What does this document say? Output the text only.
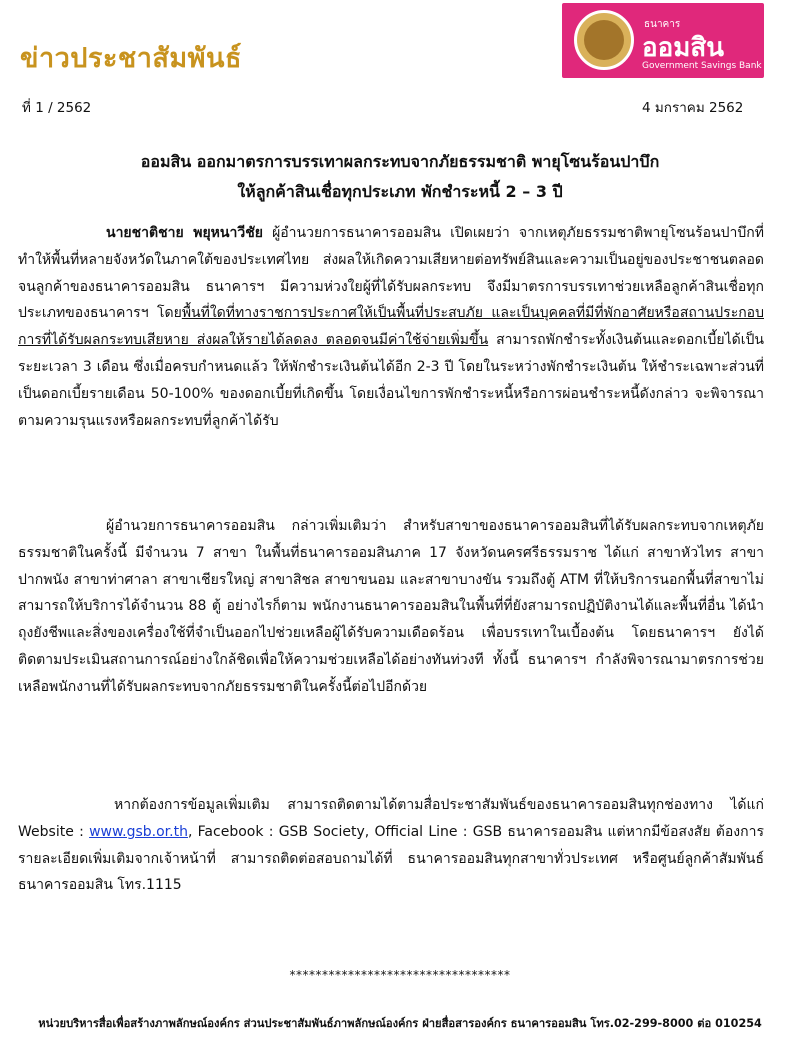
ข่าวประชาสัมพันธ์
ธนาคาร
ออมสิน
Government Savings Bank
ที่ 1 / 2562	4 มกราคม 2562
ออมสิน ออกมาตรการบรรเทาผลกระทบจากภัยธรรมชาติ พายุโซนร้อนปาบึก
ให้ลูกค้าสินเชื่อทุกประเภท พักชำระหนี้ 2 – 3 ปี
นายชาติชาย พยุหนาวีชัย ผู้อำนวยการธนาคารออมสิน เปิดเผยว่า จากเหตุภัยธรรมชาติพายุโซนร้อนปาบึกที่ทำให้พื้นที่หลายจังหวัดในภาคใต้ของประเทศไทย ส่งผลให้เกิดความเสียหายต่อทรัพย์สินและความเป็นอยู่ของประชาชนตลอดจนลูกค้าของธนาคารออมสิน ธนาคารฯ มีความห่วงใยผู้ที่ได้รับผลกระทบ จึงมีมาตรการบรรเทาช่วยเหลือลูกค้าสินเชื่อทุกประเภทของธนาคารฯ โดยพื้นที่ใดที่ทางราชการประกาศให้เป็นพื้นที่ประสบภัย และเป็นบุคคลที่มีที่พักอาศัยหรือสถานประกอบการที่ได้รับผลกระทบเสียหาย ส่งผลให้รายได้ลดลง ตลอดจนมีค่าใช้จ่ายเพิ่มขึ้น สามารถพักชำระทั้งเงินต้นและดอกเบี้ยได้เป็นระยะเวลา 3 เดือน ซึ่งเมื่อครบกำหนดแล้ว ให้พักชำระเงินต้นได้อีก 2-3 ปี โดยในระหว่างพักชำระเงินต้น ให้ชำระเฉพาะส่วนที่เป็นดอกเบี้ยรายเดือน 50-100% ของดอกเบี้ยที่เกิดขึ้น โดยเงื่อนไขการพักชำระหนี้หรือการผ่อนชำระหนี้ดังกล่าว จะพิจารณาตามความรุนแรงหรือผลกระทบที่ลูกค้าได้รับ
ผู้อำนวยการธนาคารออมสิน กล่าวเพิ่มเติมว่า สำหรับสาขาของธนาคารออมสินที่ได้รับผลกระทบจากเหตุภัยธรรมชาติในครั้งนี้ มีจำนวน 7 สาขา ในพื้นที่ธนาคารออมสินภาค 17 จังหวัดนครศรีธรรมราช ได้แก่ สาขาหัวไทร สาขาปากพนัง สาขาท่าศาลา สาขาเชียรใหญ่ สาขาสิชล สาขาขนอม และสาขาบางขัน รวมถึงตู้ ATM ที่ให้บริการนอกพื้นที่สาขาไม่สามารถให้บริการได้จำนวน 88 ตู้ อย่างไรก็ตาม พนักงานธนาคารออมสินในพื้นที่ที่ยังสามารถปฏิบัติงานได้และพื้นที่อื่น ได้นำถุงยังชีพและสิ่งของเครื่องใช้ที่จำเป็นออกไปช่วยเหลือผู้ได้รับความเดือดร้อน เพื่อบรรเทาในเบื้องต้น โดยธนาคารฯ ยังได้ติดตามประเมินสถานการณ์อย่างใกล้ชิดเพื่อให้ความช่วยเหลือได้อย่างทันท่วงที ทั้งนี้ ธนาคารฯ กำลังพิจารณามาตรการช่วยเหลือพนักงานที่ได้รับผลกระทบจากภัยธรรมชาติในครั้งนี้ต่อไปอีกด้วย
หากต้องการข้อมูลเพิ่มเติม สามารถติดตามได้ตามสื่อประชาสัมพันธ์ของธนาคารออมสินทุกช่องทาง ได้แก่ Website : www.gsb.or.th, Facebook : GSB Society, Official Line : GSB ธนาคารออมสิน แต่หากมีข้อสงสัย ต้องการรายละเอียดเพิ่มเติมจากเจ้าหน้าที่ สามารถติดต่อสอบถามได้ที่ ธนาคารออมสินทุกสาขาทั่วประเทศ หรือศูนย์ลูกค้าสัมพันธ์ธนาคารออมสิน โทร.1115
**********************************
หน่วยบริหารสื่อเพื่อสร้างภาพลักษณ์องค์กร ส่วนประชาสัมพันธ์ภาพลักษณ์องค์กร ฝ่ายสื่อสารองค์กร ธนาคารออมสิน โทร.02-299-8000 ต่อ 010254
